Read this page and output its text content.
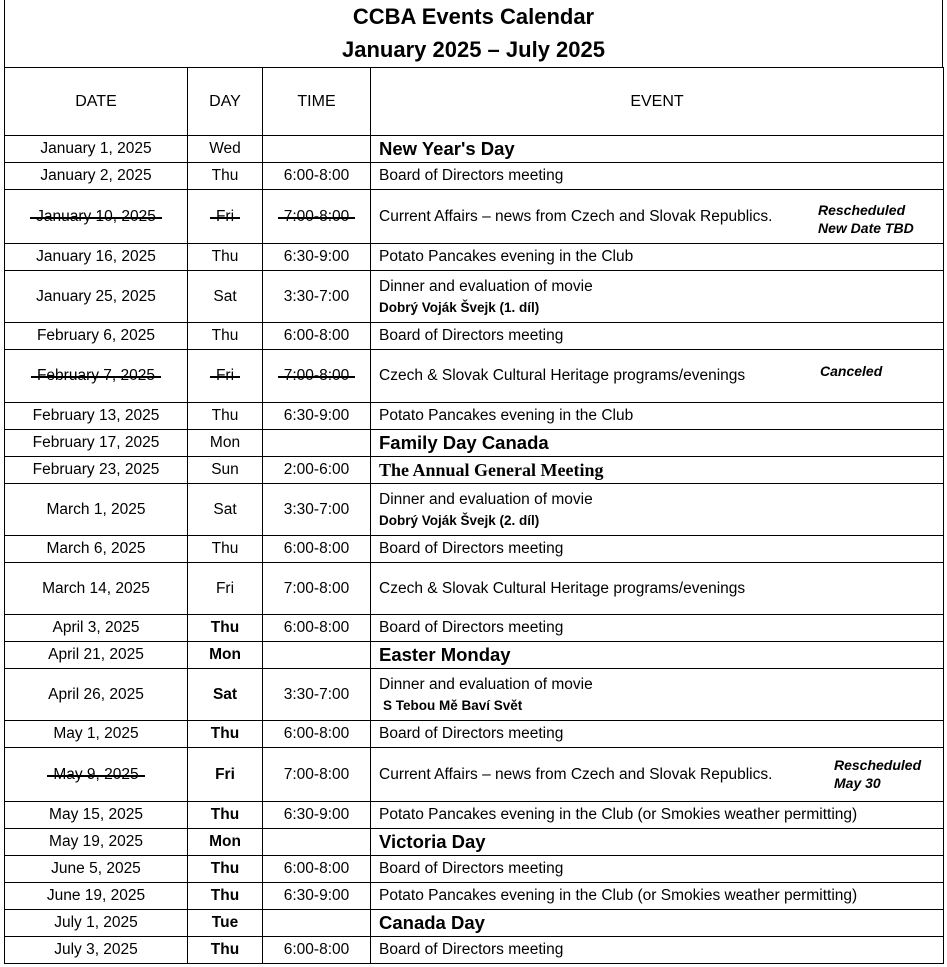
CCBA Events Calendar
January 2025 – July 2025
DATE	DAY	TIME	EVENT
January 1, 2025	Wed		New Year's Day
January 2, 2025	Thu	6:00-8:00	Board of Directors meeting
January 10, 2025	Fri	7:00-8:00	Current Affairs – news from Czech and Slovak Republics. Rescheduled
New Date TBD

January 16, 2025	Thu	6:30-9:00	Potato Pancakes evening in the Club
January 25, 2025	Sat	3:30-7:00	Dinner and evaluation of movie
Dobrý Voják Švejk (1. díl)

February 6, 2025	Thu	6:00-8:00	Board of Directors meeting
February 7, 2025	Fri	7:00-8:00	Czech & Slovak Cultural Heritage programs/evenings Canceled

February 13, 2025	Thu	6:30-9:00	Potato Pancakes evening in the Club
February 17, 2025	Mon		Family Day Canada
February 23, 2025	Sun	2:00-6:00	The Annual General Meeting
March 1, 2025	Sat	3:30-7:00	Dinner and evaluation of movie
Dobrý Voják Švejk (2. díl)

March 6, 2025	Thu	6:00-8:00	Board of Directors meeting
March 14, 2025	Fri	7:00-8:00	Czech & Slovak Cultural Heritage programs/evenings
April 3, 2025	Thu	6:00-8:00	Board of Directors meeting
April 21, 2025	Mon		Easter Monday
April 26, 2025	Sat	3:30-7:00	Dinner and evaluation of movie
S Tebou Mě Baví Svět

May 1, 2025	Thu	6:00-8:00	Board of Directors meeting
May 9, 2025	Fri	7:00-8:00	Current Affairs – news from Czech and Slovak Republics.
Rescheduled
May 30

May 15, 2025	Thu	6:30-9:00	Potato Pancakes evening in the Club (or Smokies weather permitting)
May 19, 2025	Mon		Victoria Day
June 5, 2025	Thu	6:00-8:00	Board of Directors meeting
June 19, 2025	Thu	6:30-9:00	Potato Pancakes evening in the Club (or Smokies weather permitting)
July 1, 2025	Tue		Canada Day
July 3, 2025	Thu	6:00-8:00	Board of Directors meeting
